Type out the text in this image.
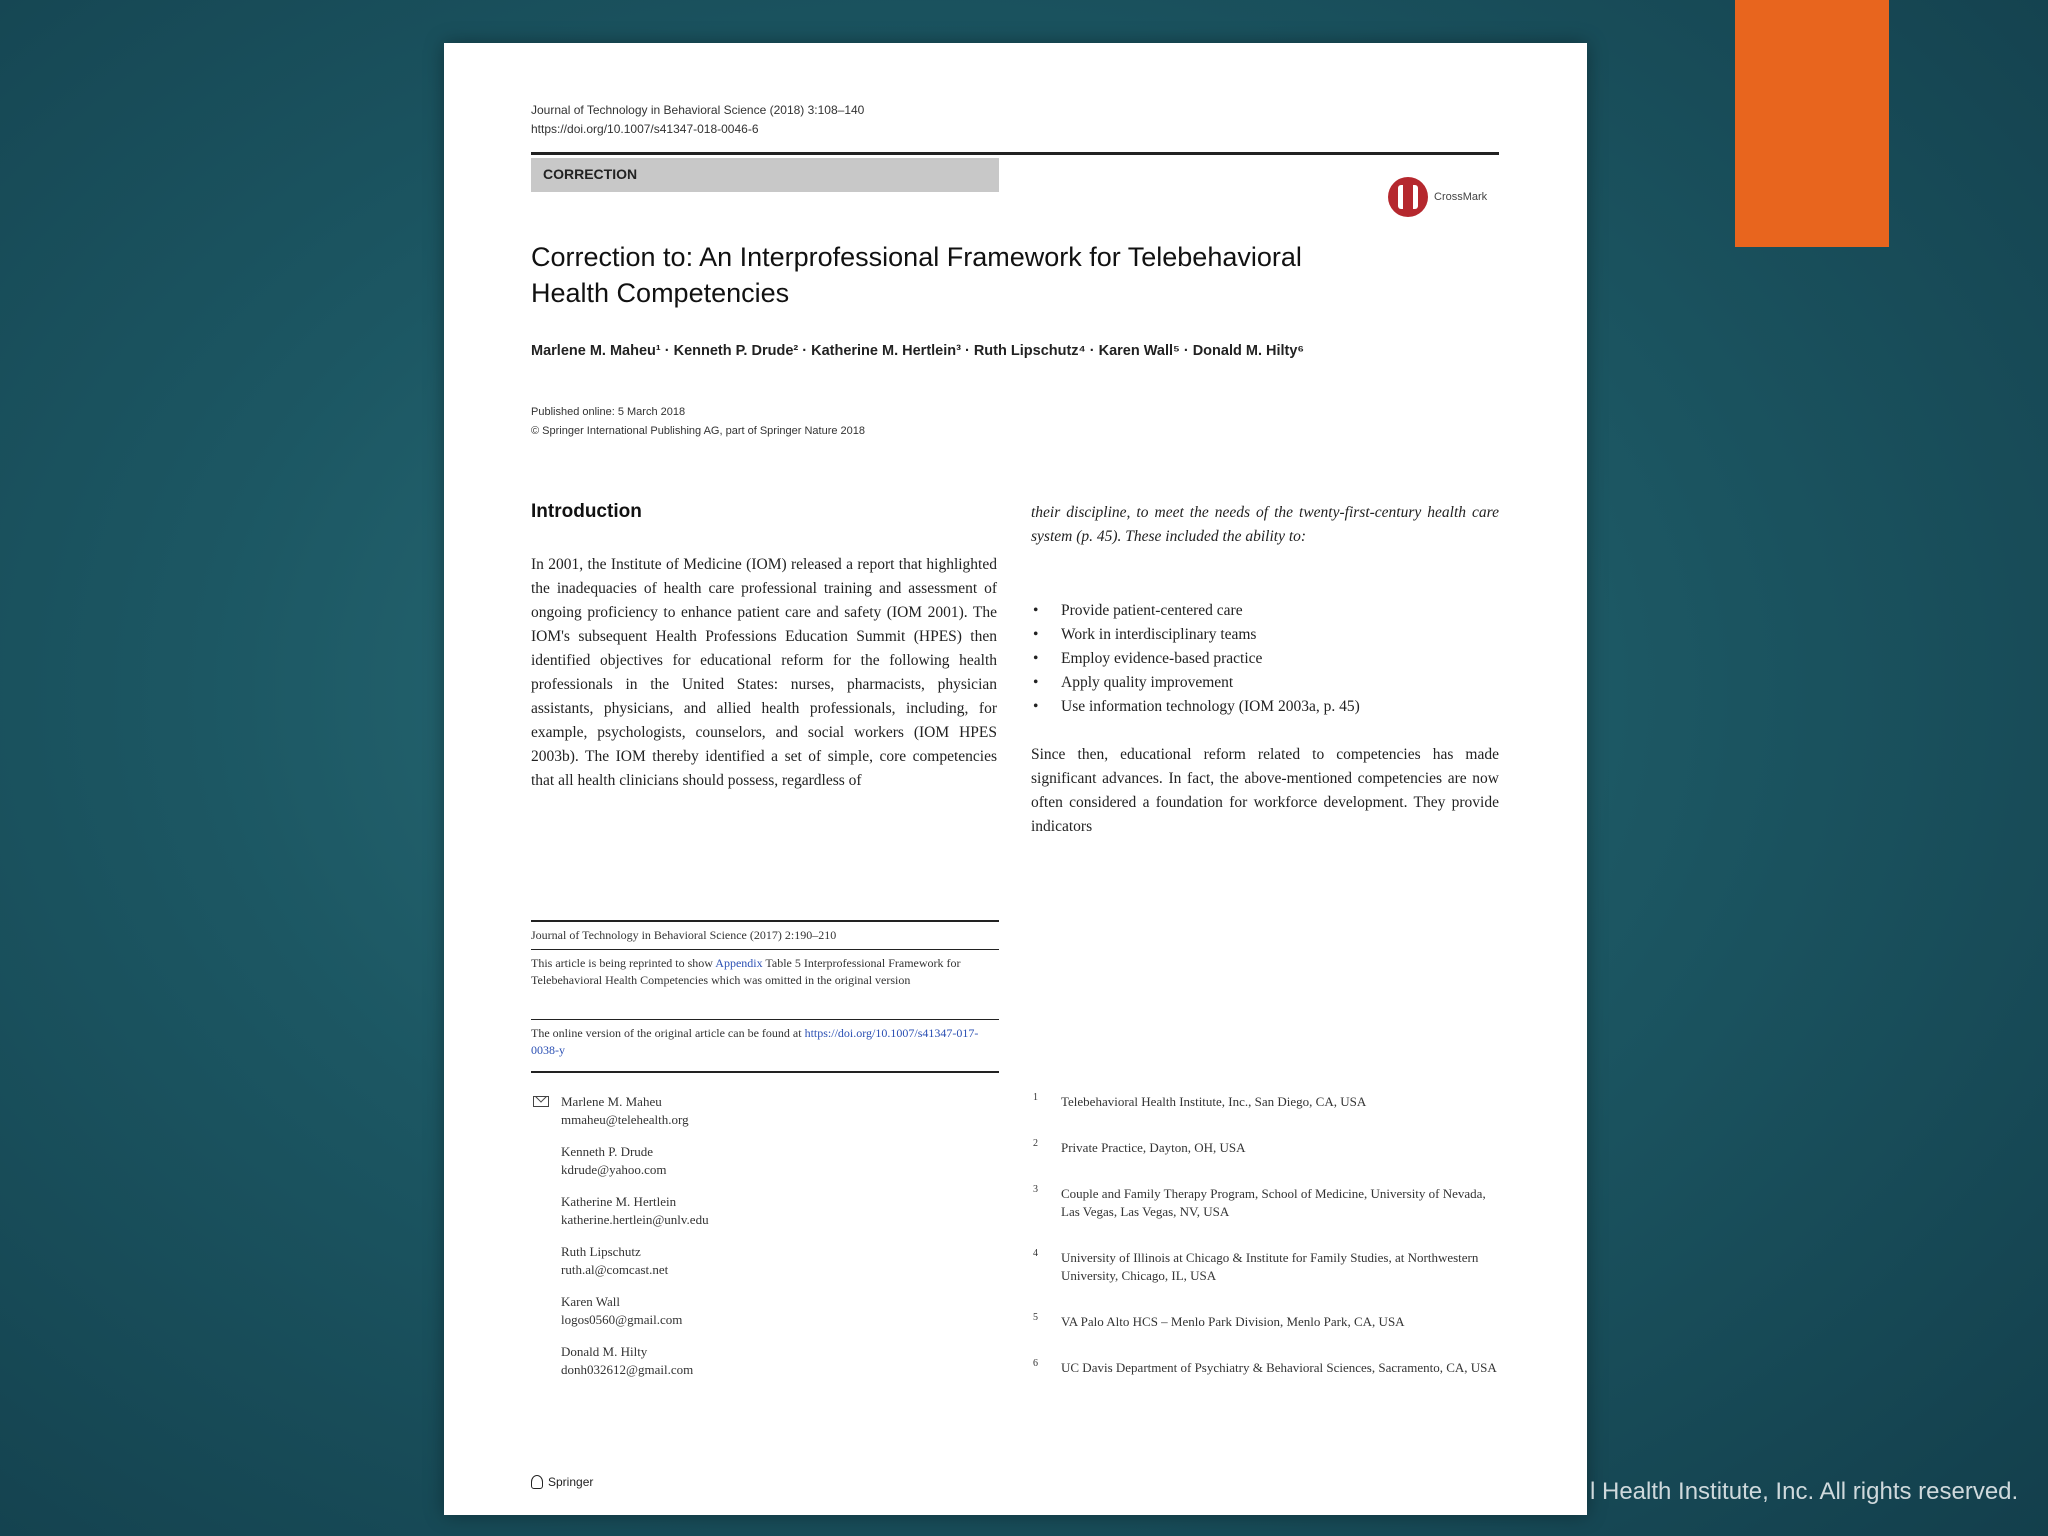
Journal of Technology in Behavioral Science (2018) 3:108–140
https://doi.org/10.1007/s41347-018-0046-6
CORRECTION
CrossMark
Correction to: An Interprofessional Framework for Telebehavioral
Health Competencies
Marlene M. Maheu¹ · Kenneth P. Drude² · Katherine M. Hertlein³ · Ruth Lipschutz⁴ · Karen Wall⁵ · Donald M. Hilty⁶
Published online: 5 March 2018
© Springer International Publishing AG, part of Springer Nature 2018
Introduction
In 2001, the Institute of Medicine (IOM) released a report that highlighted the inadequacies of health care professional training and assessment of ongoing proficiency to enhance patient care and safety (IOM 2001). The IOM's subsequent Health Professions Education Summit (HPES) then identified objectives for educational reform for the following health professionals in the United States: nurses, pharmacists, physician assistants, physicians, and allied health professionals, including, for example, psychologists, counselors, and social workers (IOM HPES 2003b). The IOM thereby identified a set of simple, core competencies that all health clinicians should possess, regardless of
their discipline, to meet the needs of the twenty-first-century health care system (p. 45). These included the ability to:
• Provide patient-centered care
• Work in interdisciplinary teams
• Employ evidence-based practice
• Apply quality improvement
• Use information technology (IOM 2003a, p. 45)
Since then, educational reform related to competencies has made significant advances. In fact, the above-mentioned competencies are now often considered a foundation for workforce development. They provide indicators
Journal of Technology in Behavioral Science (2017) 2:190–210
This article is being reprinted to show Appendix Table 5 Interprofessional Framework for Telebehavioral Health Competencies which was omitted in the original version
The online version of the original article can be found at https://doi.org/10.1007/s41347-017-0038-y
Marlene M. Maheu
mmaheu@telehealth.org
Kenneth P. Drude
kdrude@yahoo.com
Katherine M. Hertlein
katherine.hertlein@unlv.edu
Ruth Lipschutz
ruth.al@comcast.net
Karen Wall
logos0560@gmail.com
Donald M. Hilty
donh032612@gmail.com
1 Telebehavioral Health Institute, Inc., San Diego, CA, USA
2 Private Practice, Dayton, OH, USA
3 Couple and Family Therapy Program, School of Medicine, University of Nevada, Las Vegas, Las Vegas, NV, USA
4 University of Illinois at Chicago & Institute for Family Studies, at Northwestern University, Chicago, IL, USA
5 VA Palo Alto HCS – Menlo Park Division, Menlo Park, CA, USA
6 UC Davis Department of Psychiatry & Behavioral Sciences, Sacramento, CA, USA
Springer	l Health Institute, Inc. All rights reserved.
